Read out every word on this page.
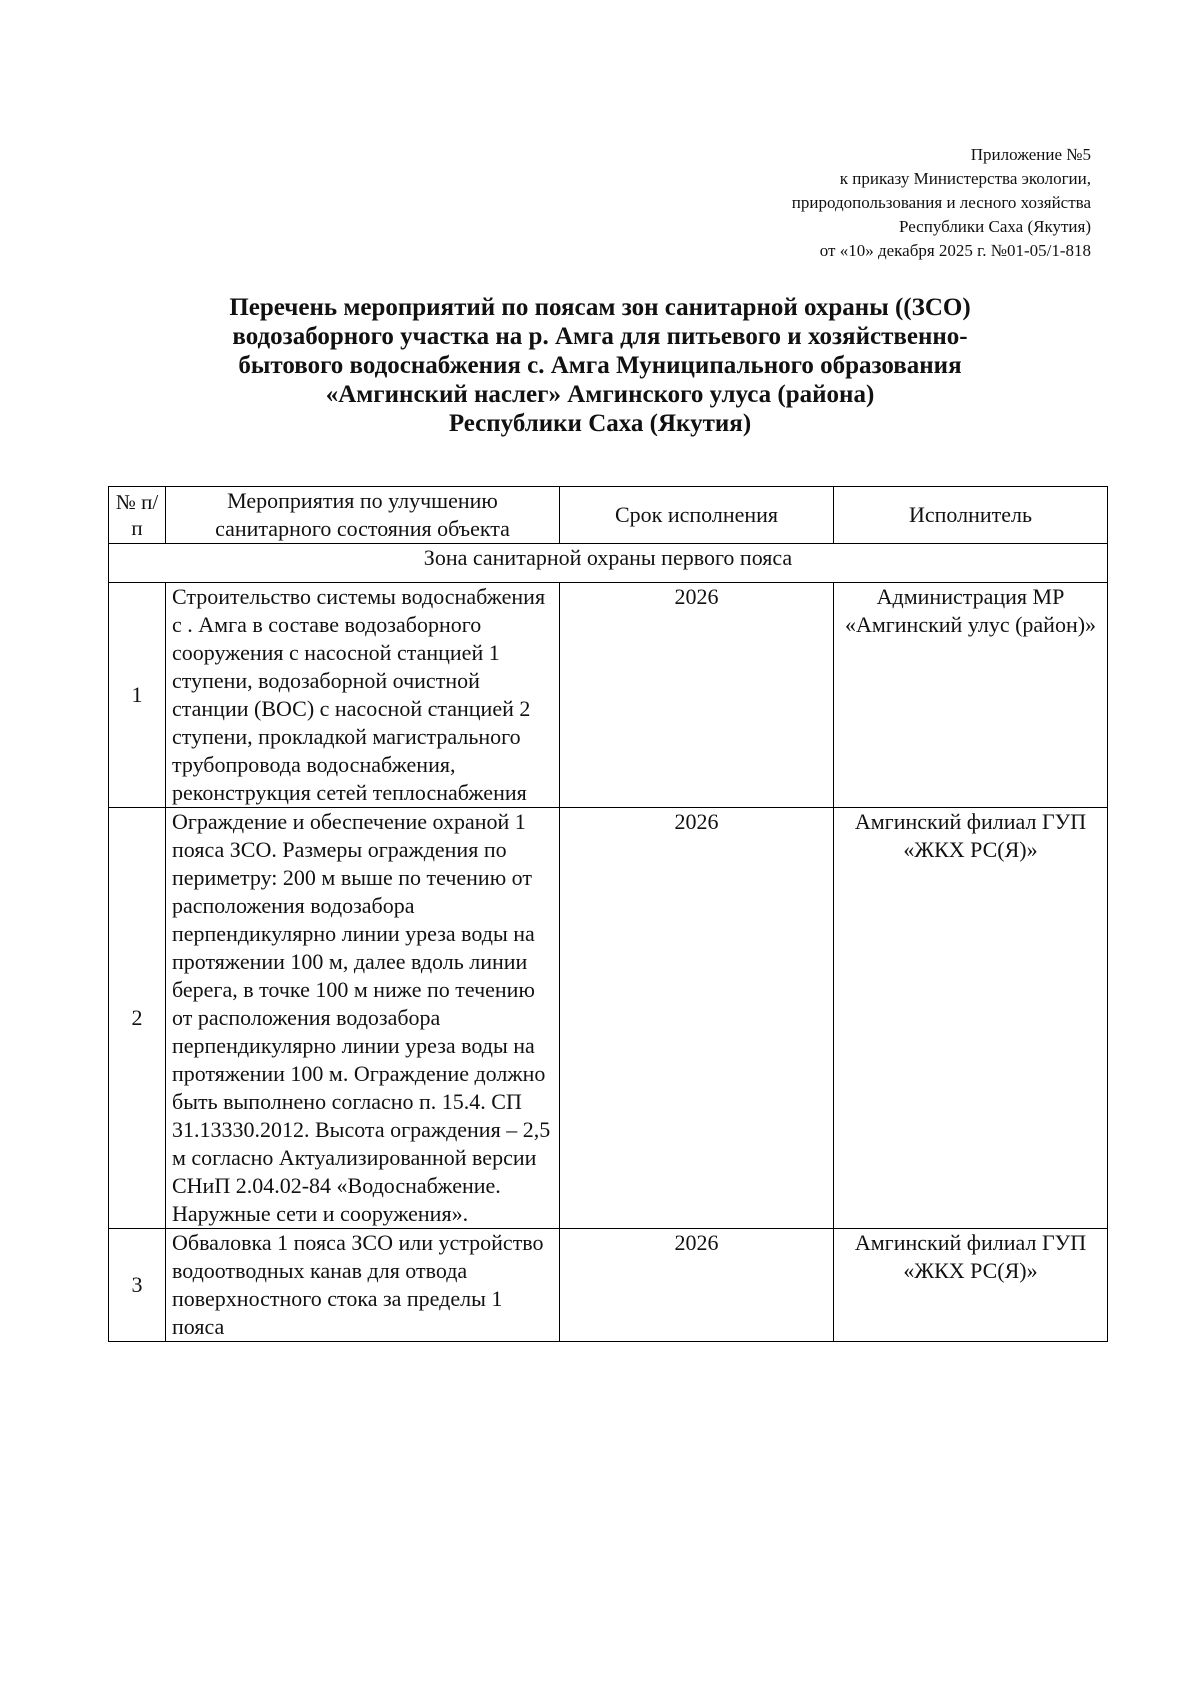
Приложение №5
к приказу Министерства экологии,
природопользования и лесного хозяйства
Республики Саха (Якутия)
от «10» декабря 2025 г. №01-05/1-818
Перечень мероприятий по поясам зон санитарной охраны ((ЗСО)
водозаборного участка на р. Амга для питьевого и хозяйственно-
бытового водоснабжения с. Амга Муниципального образования
«Амгинский наслег» Амгинского улуса (района)
Республики Саха (Якутия)
№ п/п	Мероприятия по улучшению санитарного состояния объекта	Срок исполнения	Исполнитель
Зона санитарной охраны первого пояса			
1	Строительство системы водоснабжения с . Амга в составе водозаборного сооружения с насосной станцией 1 ступени, водозаборной очистной станции (ВОС) с насосной станцией 2 ступени, прокладкой магистрального трубопровода водоснабжения, реконструкция сетей теплоснабжения	2026	Администрация МР «Амгинский улус (район)»
2	Ограждение и обеспечение охраной 1 пояса ЗСО. Размеры ограждения по периметру: 200 м выше по течению от расположения водозабора перпендикулярно линии уреза воды на протяжении 100 м, далее вдоль линии берега, в точке 100 м ниже по течению от расположения водозабора перпендикулярно линии уреза воды на протяжении 100 м. Ограждение должно быть выполнено согласно п. 15.4. СП 31.13330.2012. Высота ограждения – 2,5 м согласно Актуализированной версии СНиП 2.04.02-84 «Водоснабжение. Наружные сети и сооружения».	2026	Амгинский филиал ГУП «ЖКХ РС(Я)»
3	Обваловка 1 пояса ЗСО или устройство водоотводных канав для отвода поверхностного стока за пределы 1 пояса	2026	Амгинский филиал ГУП «ЖКХ РС(Я)»
